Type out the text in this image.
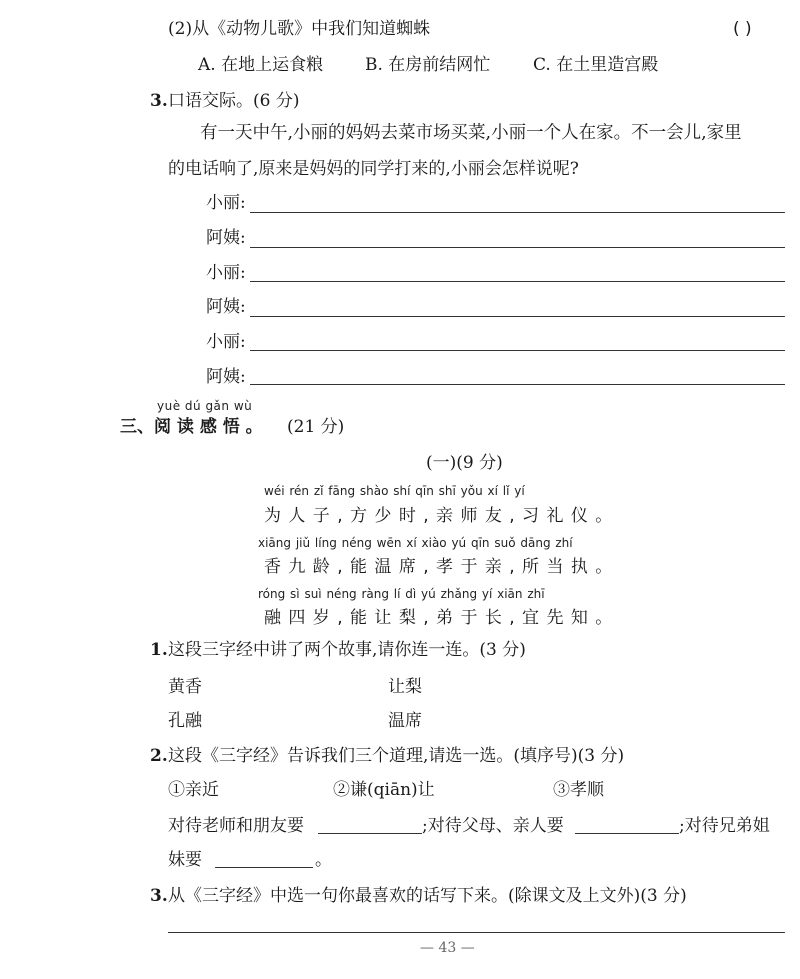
(2)从《动物儿歌》中我们知道蜘蛛	( )
A. 在地上运食粮 B. 在房前结网忙	C. 在土里造宫殿
3. 口语交际。(6 分)
有一天中午,小丽的妈妈去菜市场买菜,小丽一个人在家。不一会儿,家里
的电话响了,原来是妈妈的同学打来的,小丽会怎样说呢?
小丽:
阿姨:
小丽:
阿姨:
小丽:
阿姨:
yuè dú gǎn wù
三、阅 读 感 悟 。 (21 分)
(一)(9 分)
wéi rén zǐ fāng shào shí qīn shī yǒu xí lǐ yí
为 人 子 , 方 少 时 , 亲 师 友 , 习 礼 仪 。
xiāng jiǔ líng néng wēn xí xiào yú qīn suǒ dāng zhí
香 九 龄 , 能 温 席 , 孝 于 亲 , 所 当 执 。
róng sì suì néng ràng lí dì yú zhǎng yí xiān zhī
融 四 岁 , 能 让 梨 , 弟 于 长 , 宜 先 知 。
1. 这段三字经中讲了两个故事,请你连一连。(3 分)
黄香	让梨
孔融	温席
2. 这段《三字经》告诉我们三个道理,请选一选。(填序号)(3 分)
①亲近	②谦(qiān)让	③孝顺
对待老师和朋友要	;对待父母、亲人要	;对待兄弟姐
妹要	。
3. 从《三字经》中选一句你最喜欢的话写下来。(除课文及上文外)(3 分)
— 43 —
